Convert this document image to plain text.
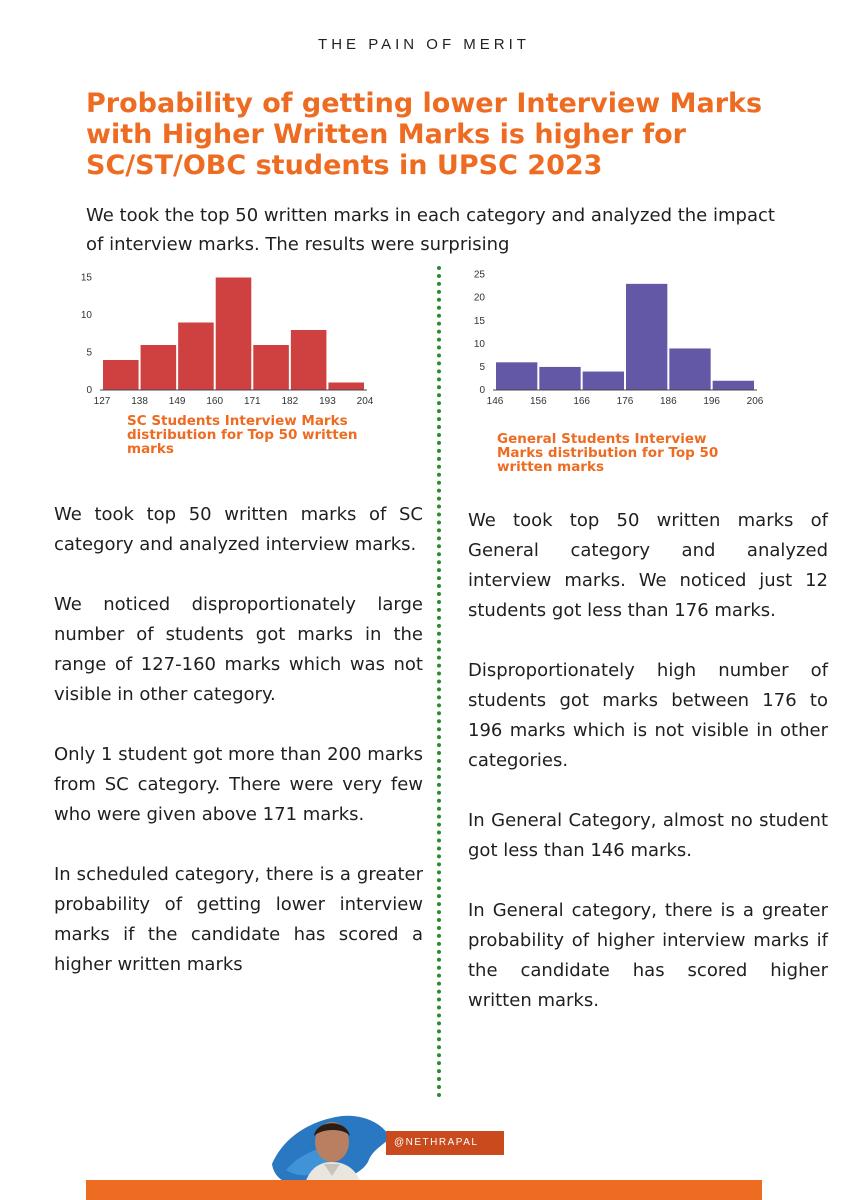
THE PAIN OF MERIT
Probability of getting lower Interview Marks with Higher Written Marks is higher for SC/ST/OBC students in UPSC 2023

We took the top 50 written marks in each category and analyzed the impact of interview marks. The results were surprising

0
5
10
15
127 138 149 160 171 182 193 204
0
5
10
15
20
25
146	156	166	176	186	196	206

SC Students Interview Marks distribution for Top 50 written marks

General Students Interview Marks distribution for Top 50 written marks

We took top 50 written marks of SC category and analyzed interview marks.

We noticed disproportionately large number of students got marks in the range of 127-160 marks which was not visible in other category.

Only 1 student got more than 200 marks from SC category. There were very few who were given above 171 marks.

In scheduled category, there is a greater probability of getting lower interview marks if the candidate has scored a higher written marks

We took top 50 written marks of General category and analyzed interview marks. We noticed just 12 students got less than 176 marks.

Disproportionately high number of students got marks between 176 to 196 marks which is not visible in other categories.

In General Category, almost no student got less than 146 marks.

In General category, there is a greater probability of higher interview marks if the candidate has scored higher written marks.

@NETHRAPAL
